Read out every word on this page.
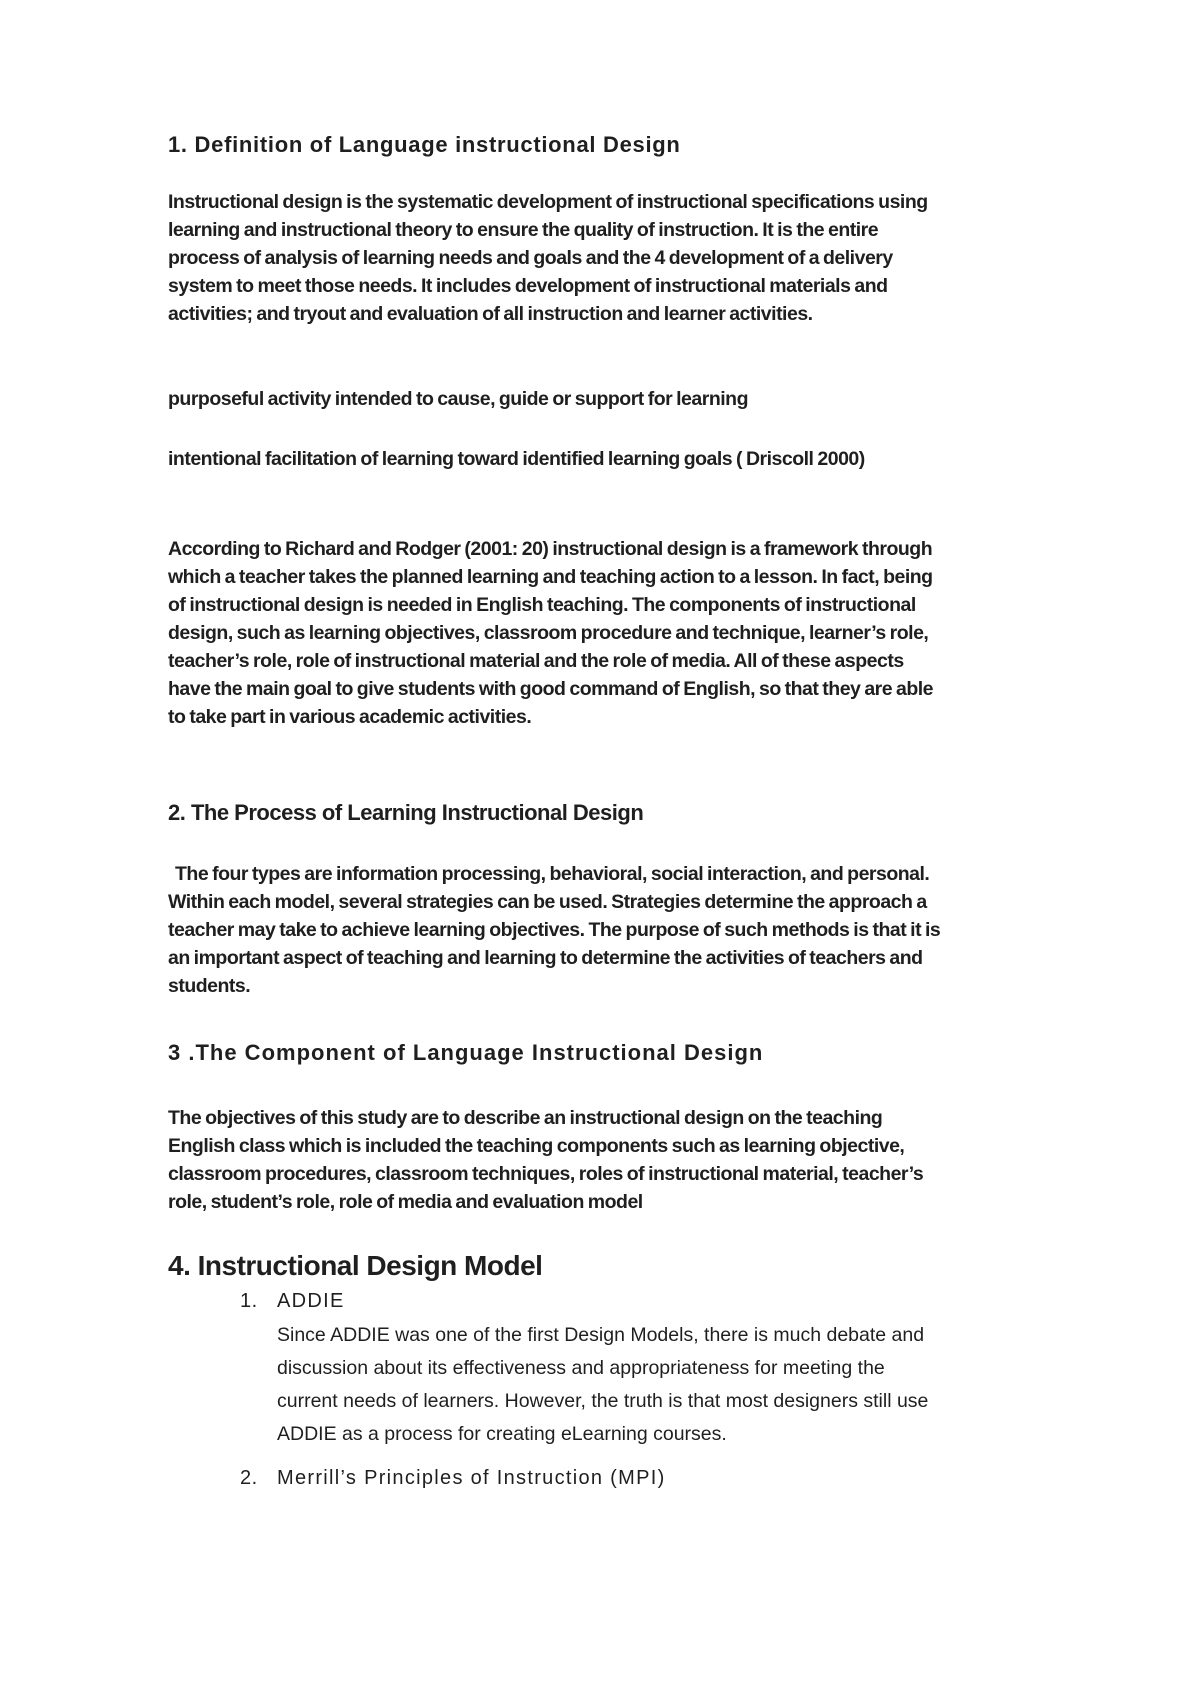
1. Definition of Language instructional Design

Instructional design is the systematic development of instructional specifications using learning and instructional theory to ensure the quality of instruction. It is the entire process of analysis of learning needs and goals and the 4 development of a delivery system to meet those needs. It includes development of instructional materials and activities; and tryout and evaluation of all instruction and learner activities.

purposeful activity intended to cause, guide or support for learning

intentional facilitation of learning toward identified learning goals ( Driscoll 2000)

According to Richard and Rodger (2001: 20) instructional design is a framework through which a teacher takes the planned learning and teaching action to a lesson. In fact, being of instructional design is needed in English teaching. The components of instructional design, such as learning objectives, classroom procedure and technique, learner’s role, teacher’s role, role of instructional material and the role of media. All of these aspects have the main goal to give students with good command of English, so that they are able to take part in various academic activities.

2. The Process of Learning Instructional Design

The four types are information processing, behavioral, social interaction, and personal. Within each model, several strategies can be used. Strategies determine the approach a teacher may take to achieve learning objectives. The purpose of such methods is that it is an important aspect of teaching and learning to determine the activities of teachers and students.

3 .The Component of Language Instructional Design

The objectives of this study are to describe an instructional design on the teaching English class which is included the teaching components such as learning objective, classroom procedures, classroom techniques, roles of instructional material, teacher’s role, student’s role, role of media and evaluation model

4. Instructional Design Model
1. ADDIE

Since ADDIE was one of the first Design Models, there is much debate and discussion about its effectiveness and appropriateness for meeting the current needs of learners. However, the truth is that most designers still use ADDIE as a process for creating eLearning courses.

2. Merrill’s Principles of Instruction (MPI)
